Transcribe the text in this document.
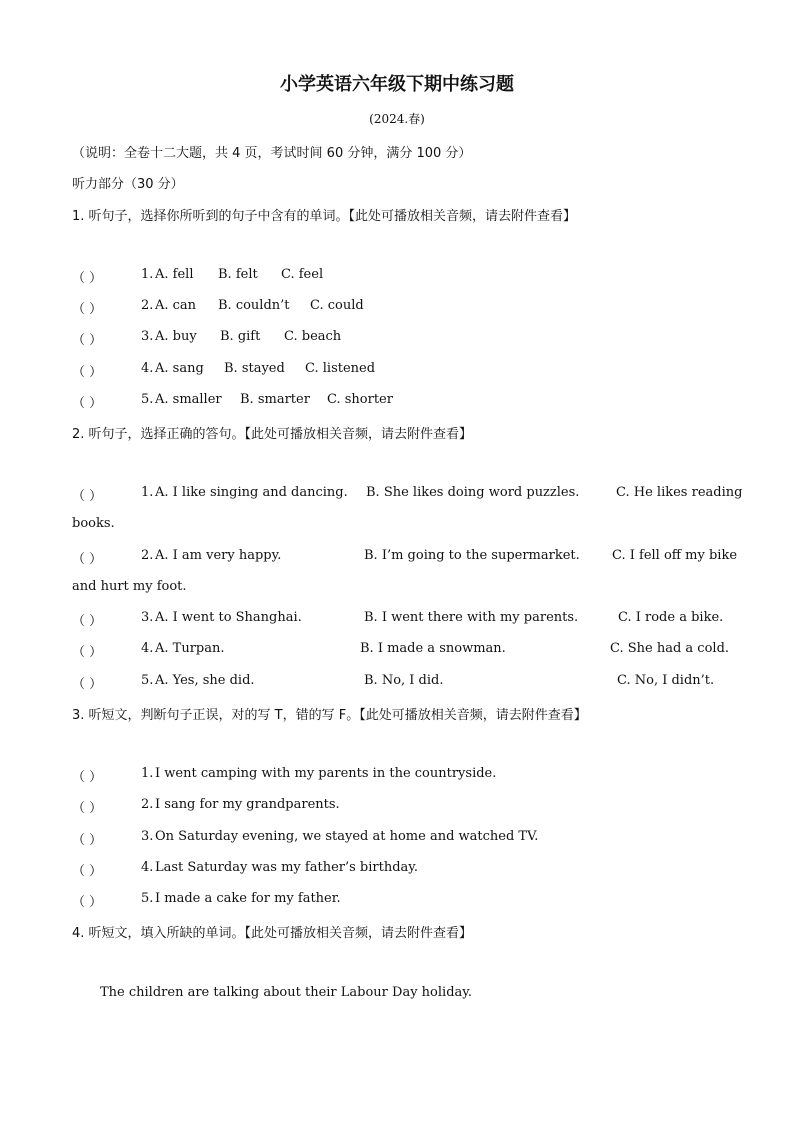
小学英语六年级下期中练习题
(2024.春)
（说明：全卷十二大题，共 4 页，考试时间 60 分钟，满分 100 分）
听力部分（30 分）
1. 听句子，选择你所听到的句子中含有的单词。【此处可播放相关音频，请去附件查看】
（ ）	1. A. fell B. felt C. feel
（ ）	2. A. can B. couldn’t C. could
（ ）	3. A. buy B. gift C. beach
（ ）	4. A. sang B. stayed C. listened
（ ）	5. A. smaller B. smarter C. shorter
2. 听句子，选择正确的答句。【此处可播放相关音频，请去附件查看】
（ ）	1. A. I like singing and dancing. B. She likes doing word puzzles.	C. He likes reading
books.
（ ）	2. A. I am very happy.	B. I’m going to the supermarket. C. I fell off my bike
and hurt my foot.
（ ）	3. A. I went to Shanghai.	B. I went there with my parents.	C. I rode a bike.
（ ）	4. A. Turpan.	B. I made a snowman.	C. She had a cold.
（ ）	5. A. Yes, she did.	B. No, I did.	C. No, I didn’t.
3. 听短文，判断句子正误，对的写 T，错的写 F。【此处可播放相关音频，请去附件查看】
（ ）	1. I went camping with my parents in the countryside.
（ ）	2. I sang for my grandparents.
（ ）	3. On Saturday evening, we stayed at home and watched TV.
（ ）	4. Last Saturday was my father’s birthday.
（ ）	5. I made a cake for my father.
4. 听短文，填入所缺的单词。【此处可播放相关音频，请去附件查看】
The children are talking about their Labour Day holiday.
